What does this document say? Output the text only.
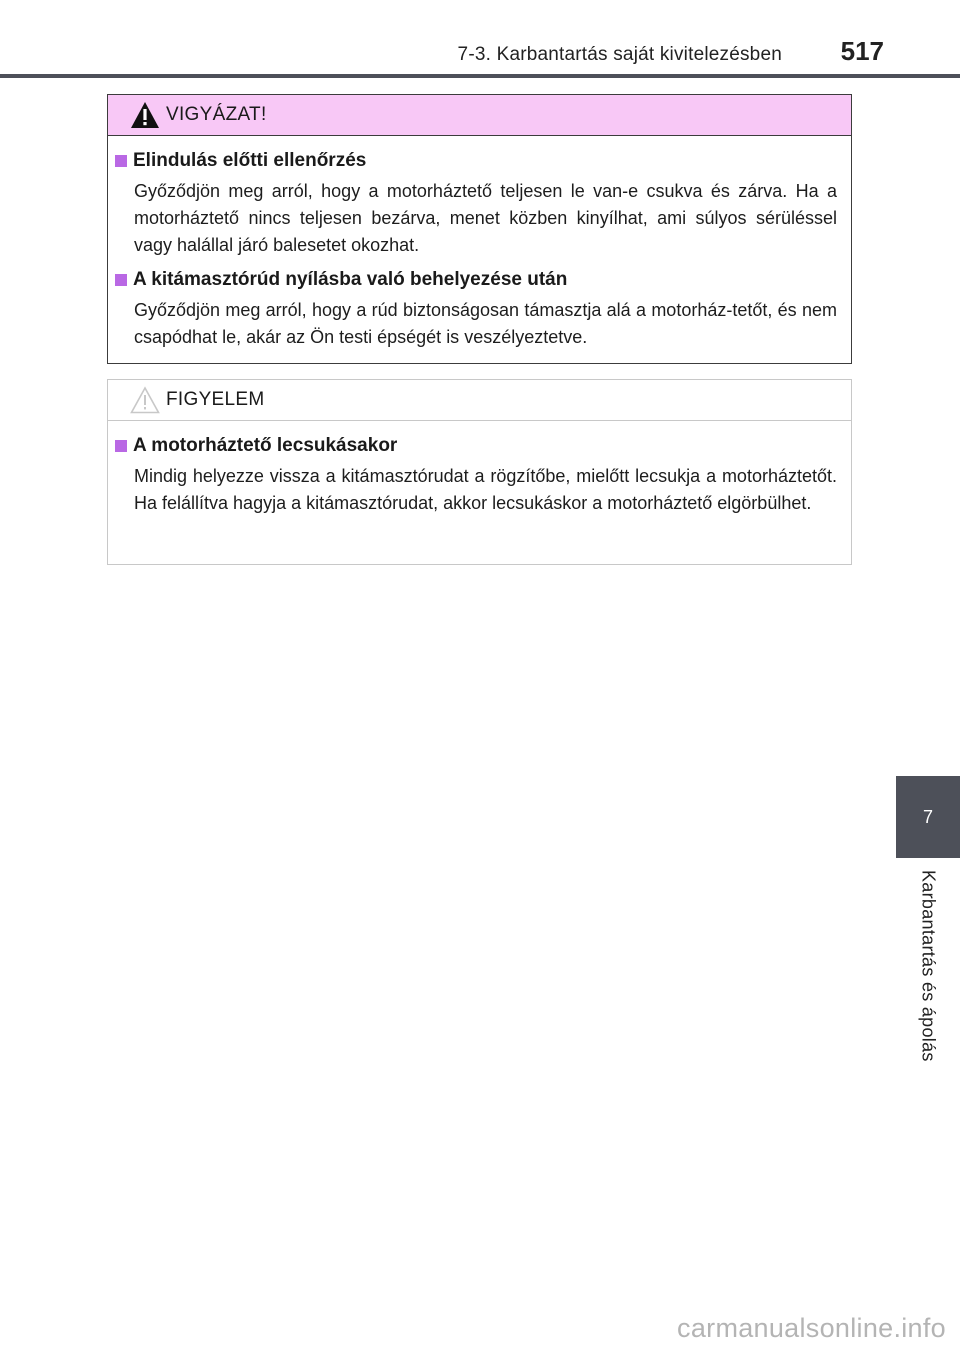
7-3. Karbantartás saját kivitelezésben 517
VIGYÁZAT!
Elindulás előtti ellenőrzés

Győződjön meg arról, hogy a motorháztető teljesen le van-e csukva és zárva. Ha a motorháztető nincs teljesen bezárva, menet közben kinyílhat, ami súlyos sérüléssel vagy halállal járó balesetet okozhat.

A kitámasztórúd nyílásba való behelyezése után

Győződjön meg arról, hogy a rúd biztonságosan támasztja alá a motorház-tetőt, és nem csapódhat le, akár az Ön testi épségét is veszélyeztetve.

FIGYELEM
A motorháztető lecsukásakor

Mindig helyezze vissza a kitámasztórudat a rögzítőbe, mielőtt lecsukja a motorháztetőt. Ha felállítva hagyja a kitámasztórudat, akkor lecsukáskor a motorháztető elgörbülhet.

7
Karbantartás és ápolás
carmanualsonline.info
